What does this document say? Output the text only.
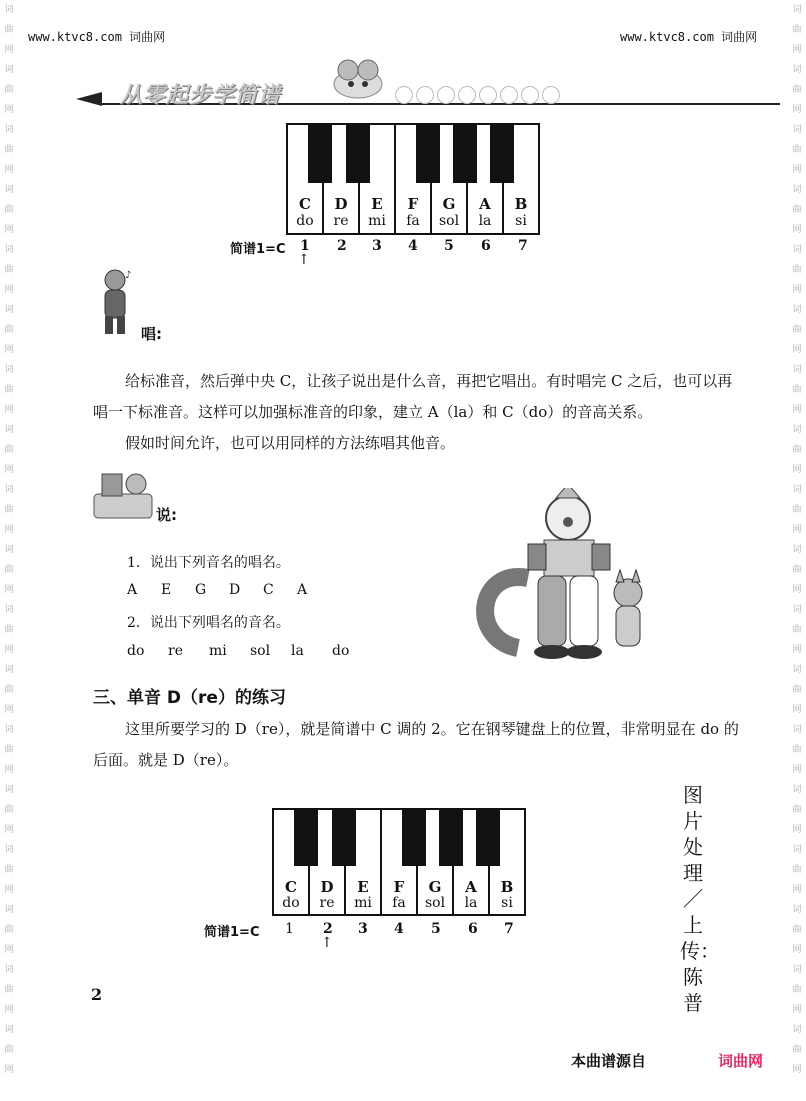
词曲网词曲网词曲网词曲网词曲网词曲网词曲网词曲网词曲网词曲网词曲网词曲网词曲网词曲网词曲网词曲网词曲网词曲网
词曲网词曲网词曲网词曲网词曲网词曲网词曲网词曲网词曲网词曲网词曲网词曲网词曲网词曲网词曲网词曲网词曲网词曲网
www.ktvc8.com 词曲网	www.ktvc8.com 词曲网
从零起步学简谱
C
do
D
re
E
mi
F
fa
G
sol
A
la
B
si
简谱1=C 1 2 3 4 5 6 7
↑
♪
唱:
给标准音，然后弹中央 C，让孩子说出是什么音，再把它唱出。有时唱完 C 之后，也可以再唱一下标准音。这样可以加强标准音的印象，建立 A（la）和 C（do）的音高关系。
假如时间允许，也可以用同样的方法练唱其他音。
说:
1．说出下列音名的唱名。
A E G D C A
2．说出下列唱名的音名。
do re mi sol la do
三、单音 D（re）的练习
这里所要学习的 D（re），就是简谱中 C 调的 2。它在钢琴键盘上的位置，非常明显在 do 的后面。就是 D（re）。
C
do
D
re
E
mi
F
fa
G
sol
A
la
B
si
简谱1=C 1 2 3 4 5 6 7
↑
图片处理／上传：陈普
2
本曲谱源自	词曲网
